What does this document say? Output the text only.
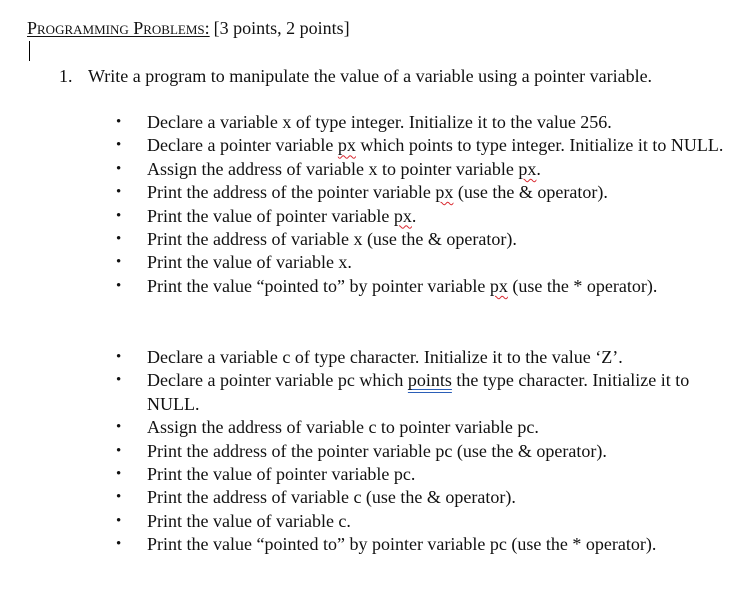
Programming Problems: [3 points, 2 points]
1. Write a program to manipulate the value of a variable using a pointer variable.
• Declare a variable x of type integer. Initialize it to the value 256.
• Declare a pointer variable px which points to type integer. Initialize it to NULL.
• Assign the address of variable x to pointer variable px.
• Print the address of the pointer variable px (use the & operator).
• Print the value of pointer variable px.
• Print the address of variable x (use the & operator).
• Print the value of variable x.
• Print the value “pointed to” by pointer variable px (use the * operator).
• Declare a variable c of type character. Initialize it to the value ‘Z’.
• Declare a pointer variable pc which points the type character. Initialize it to NULL.
• Assign the address of variable c to pointer variable pc.
• Print the address of the pointer variable pc (use the & operator).
• Print the value of pointer variable pc.
• Print the address of variable c (use the & operator).
• Print the value of variable c.
• Print the value “pointed to” by pointer variable pc (use the * operator).
